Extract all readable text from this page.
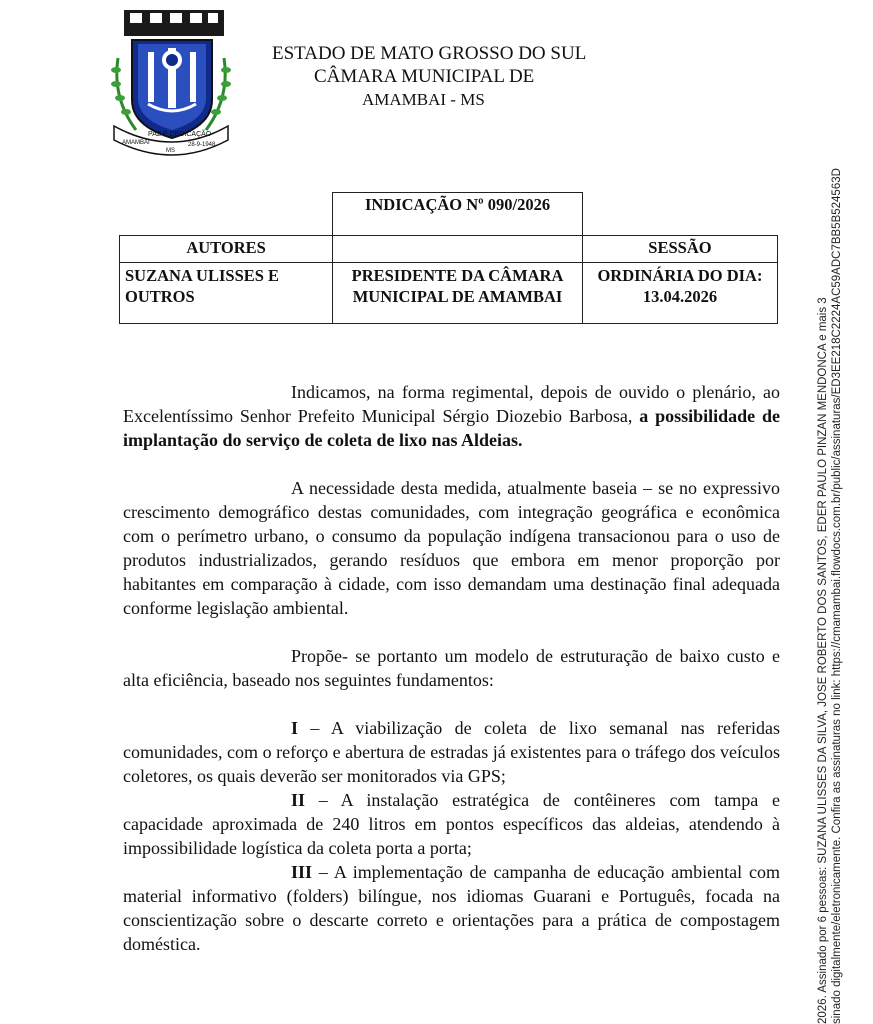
PAZ E DEDICAÇÃO
AMAMBAI
MS
28-9-1948
ESTADO DE MATO GROSSO DO SUL
CÂMARA MUNICIPAL DE
AMAMBAI - MS
	INDICAÇÃO Nº 090/2026	
AUTORES		SESSÃO
SUZANA ULISSES E OUTROS	PRESIDENTE DA CÂMARA MUNICIPAL DE AMAMBAI	ORDINÁRIA DO DIA: 13.04.2026

Indicamos, na forma regimental, depois de ouvido o plenário, ao Excelentíssimo Senhor Prefeito Municipal Sérgio Diozebio Barbosa, a possibilidade de implantação do serviço de coleta de lixo nas Aldeias.

A necessidade desta medida, atualmente baseia – se no expressivo crescimento demográfico destas comunidades, com integração geográfica e econômica com o perímetro urbano, o consumo da população indígena transacionou para o uso de produtos industrializados, gerando resíduos que embora em menor proporção por habitantes em comparação à cidade, com isso demandam uma destinação final adequada conforme legislação ambiental.

Propõe- se portanto um modelo de estruturação de baixo custo e alta eficiência, baseado nos seguintes fundamentos:

I – A viabilização de coleta de lixo semanal nas referidas comunidades, com o reforço e abertura de estradas já existentes para o tráfego dos veículos coletores, os quais deverão ser monitorados via GPS;

II – A instalação estratégica de contêineres com tampa e capacidade aproximada de 240 litros em pontos específicos das aldeias, atendendo à impossibilidade logística da coleta porta a porta;

III – A implementação de campanha de educação ambiental com material informativo (folders) bilíngue, nos idiomas Guarani e Português, focada na conscientização sobre o descarte correto e orientações para a prática de compostagem doméstica.

2026. Assinado por 6 pessoas: SUZANA ULISSES DA SILVA, JOSE ROBERTO DOS SANTOS, EDER PAULO PINZAN MENDONCA e mais 3 sinado digitalmente/eletronicamente. Confira as assinaturas no link: https://cmamambai.flowdocs.com.br/public/assinaturas/ED3EE218C2224AC59ADC7BB5B524563D
